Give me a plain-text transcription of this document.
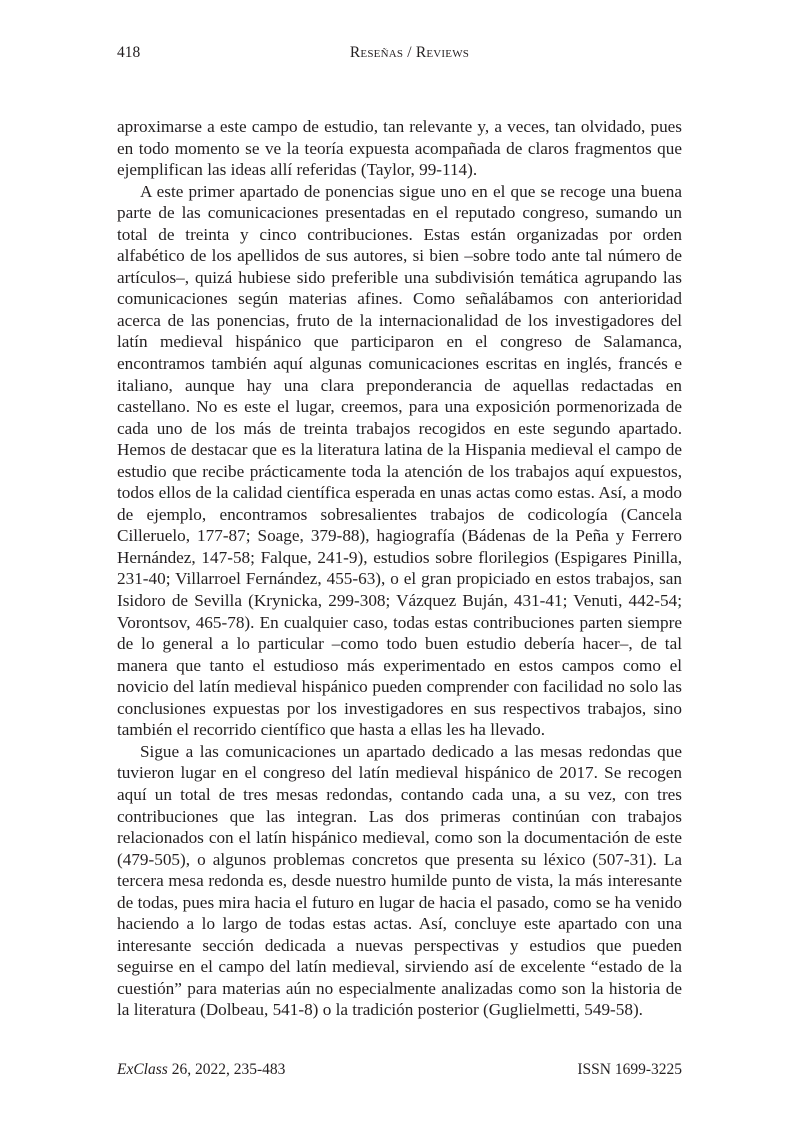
418	Reseñas / Reviews

aproximarse a este campo de estudio, tan relevante y, a veces, tan olvidado, pues en todo momento se ve la teoría expuesta acompañada de claros fragmentos que ejemplifican las ideas allí referidas (Taylor, 99-114).

A este primer apartado de ponencias sigue uno en el que se recoge una buena parte de las comunicaciones presentadas en el reputado congreso, sumando un total de treinta y cinco contribuciones. Estas están organizadas por orden alfabético de los apellidos de sus autores, si bien –sobre todo ante tal número de artículos–, quizá hubiese sido preferible una subdivisión temática agrupando las comunicaciones según materias afines. Como señalábamos con anterioridad acerca de las ponencias, fruto de la internacionalidad de los investigadores del latín medieval hispánico que participaron en el congreso de Salamanca, encontramos también aquí algunas comunicaciones escritas en inglés, francés e italiano, aunque hay una clara preponderancia de aquellas redactadas en castellano. No es este el lugar, creemos, para una exposición pormenorizada de cada uno de los más de treinta trabajos recogidos en este segundo apartado. Hemos de destacar que es la literatura latina de la Hispania medieval el campo de estudio que recibe prácticamente toda la atención de los trabajos aquí expuestos, todos ellos de la calidad científica esperada en unas actas como estas. Así, a modo de ejemplo, encontramos sobresalientes trabajos de codicología (Cancela Cilleruelo, 177-87; Soage, 379-88), hagiografía (Bádenas de la Peña y Ferrero Hernández, 147-58; Falque, 241-9), estudios sobre florilegios (Espigares Pinilla, 231-40; Villarroel Fernández, 455-63), o el gran propiciado en estos trabajos, san Isidoro de Sevilla (Krynicka, 299-308; Vázquez Buján, 431-41; Venuti, 442-54; Vorontsov, 465-78). En cualquier caso, todas estas contribuciones parten siempre de lo general a lo particular –como todo buen estudio debería hacer–, de tal manera que tanto el estudioso más experimentado en estos campos como el novicio del latín medieval hispánico pueden comprender con facilidad no solo las conclusiones expuestas por los investigadores en sus respectivos trabajos, sino también el recorrido científico que hasta a ellas les ha llevado.

Sigue a las comunicaciones un apartado dedicado a las mesas redondas que tuvieron lugar en el congreso del latín medieval hispánico de 2017. Se recogen aquí un total de tres mesas redondas, contando cada una, a su vez, con tres contribuciones que las integran. Las dos primeras continúan con trabajos relacionados con el latín hispánico medieval, como son la documentación de este (479-505), o algunos problemas concretos que presenta su léxico (507-31). La tercera mesa redonda es, desde nuestro humilde punto de vista, la más interesante de todas, pues mira hacia el futuro en lugar de hacia el pasado, como se ha venido haciendo a lo largo de todas estas actas. Así, concluye este apartado con una interesante sección dedicada a nuevas perspectivas y estudios que pueden seguirse en el campo del latín medieval, sirviendo así de excelente “estado de la cuestión” para materias aún no especialmente analizadas como son la historia de la literatura (Dolbeau, 541-8) o la tradición posterior (Guglielmetti, 549-58).

ExClass 26, 2022, 235-483	ISSN 1699-3225
